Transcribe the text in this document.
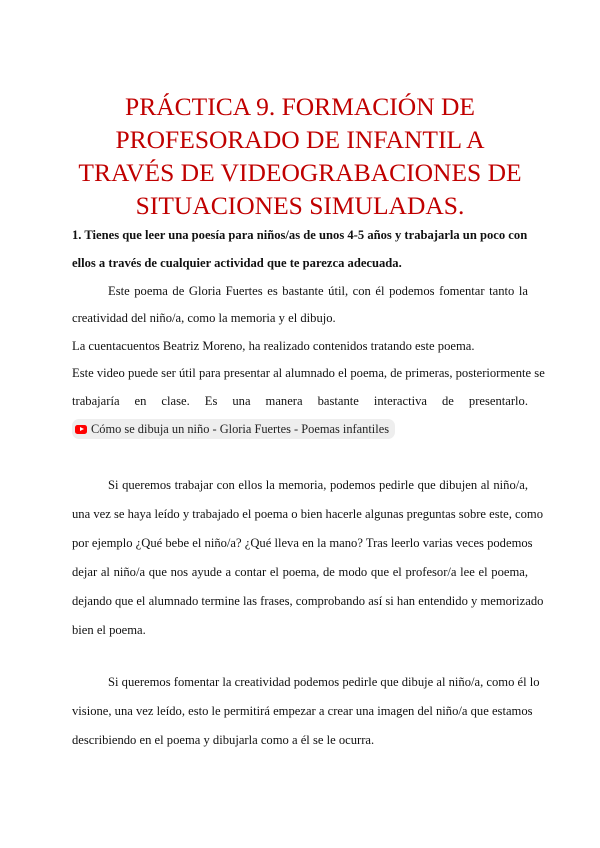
PRÁCTICA 9. FORMACIÓN DE
PROFESORADO DE INFANTIL A
TRAVÉS DE VIDEOGRABACIONES DE
SITUACIONES SIMULADAS.

1. Tienes que leer una poesía para niños/as de unos 4-5 años y trabajarla un poco con

ellos a través de cualquier actividad que te parezca adecuada.

Este poema de Gloria Fuertes es bastante útil, con él podemos fomentar tanto la

creatividad del niño/a, como la memoria y el dibujo.

La cuentacuentos Beatriz Moreno, ha realizado contenidos tratando este poema.

Este video puede ser útil para presentar al alumnado el poema, de primeras, posteriormente se

trabajaría en clase. Es una manera bastante interactiva de presentarlo.

Cómo se dibuja un niño - Gloria Fuertes - Poemas infantiles

Si queremos trabajar con ellos la memoria, podemos pedirle que dibujen al niño/a,

una vez se haya leído y trabajado el poema o bien hacerle algunas preguntas sobre este, como

por ejemplo ¿Qué bebe el niño/a? ¿Qué lleva en la mano? Tras leerlo varias veces podemos

dejar al niño/a que nos ayude a contar el poema, de modo que el profesor/a lee el poema,

dejando que el alumnado termine las frases, comprobando así si han entendido y memorizado

bien el poema.

Si queremos fomentar la creatividad podemos pedirle que dibuje al niño/a, como él lo

visione, una vez leído, esto le permitirá empezar a crear una imagen del niño/a que estamos

describiendo en el poema y dibujarla como a él se le ocurra.
